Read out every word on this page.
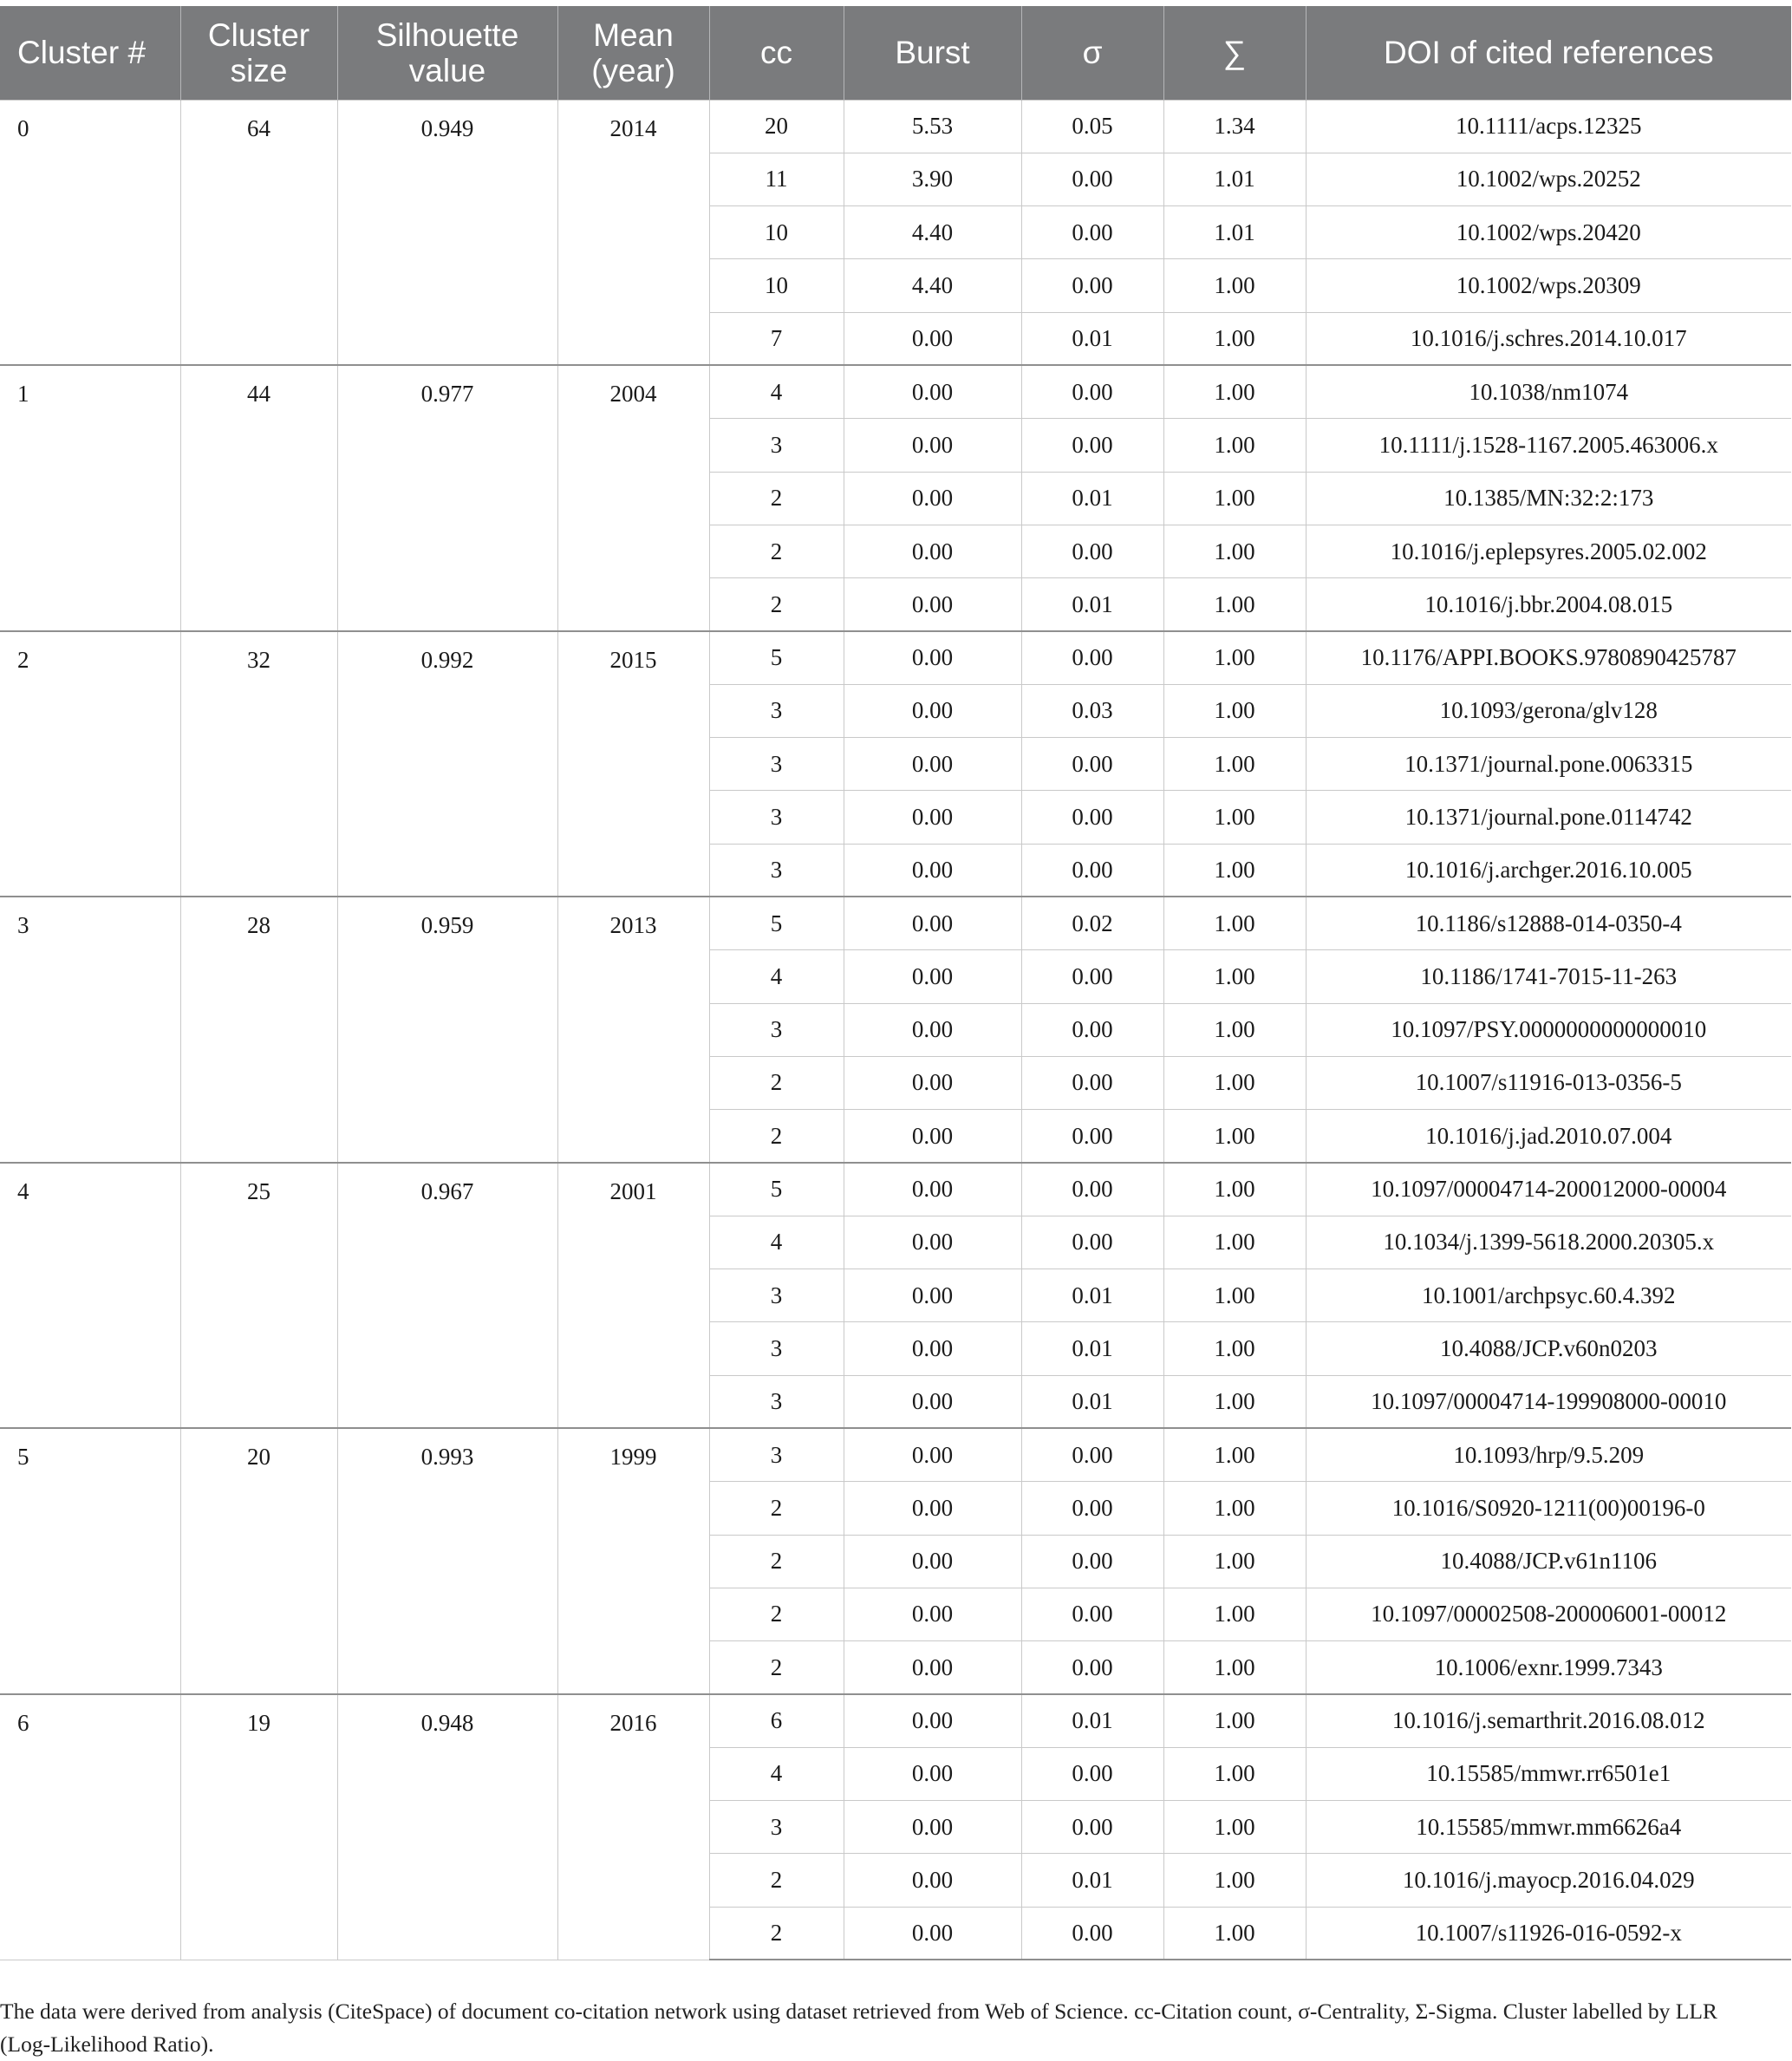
Cluster #	Cluster size	Silhouette value	Mean (year)	cc	Burst	σ	∑	DOI of cited references
0	64	0.949	2014	20	5.53	0.05	1.34	10.1111/acps.12325
				11	3.90	0.00	1.01	10.1002/wps.20252
				10	4.40	0.00	1.01	10.1002/wps.20420
				10	4.40	0.00	1.00	10.1002/wps.20309
				7	0.00	0.01	1.00	10.1016/j.schres.2014.10.017
1	44	0.977	2004	4	0.00	0.00	1.00	10.1038/nm1074
				3	0.00	0.00	1.00	10.1111/j.1528-1167.2005.463006.x
				2	0.00	0.01	1.00	10.1385/MN:32:2:173
				2	0.00	0.00	1.00	10.1016/j.eplepsyres.2005.02.002
				2	0.00	0.01	1.00	10.1016/j.bbr.2004.08.015
2	32	0.992	2015	5	0.00	0.00	1.00	10.1176/APPI.BOOKS.9780890425787
				3	0.00	0.03	1.00	10.1093/gerona/glv128
				3	0.00	0.00	1.00	10.1371/journal.pone.0063315
				3	0.00	0.00	1.00	10.1371/journal.pone.0114742
				3	0.00	0.00	1.00	10.1016/j.archger.2016.10.005
3	28	0.959	2013	5	0.00	0.02	1.00	10.1186/s12888-014-0350-4
				4	0.00	0.00	1.00	10.1186/1741-7015-11-263
				3	0.00	0.00	1.00	10.1097/PSY.0000000000000010
				2	0.00	0.00	1.00	10.1007/s11916-013-0356-5
				2	0.00	0.00	1.00	10.1016/j.jad.2010.07.004
4	25	0.967	2001	5	0.00	0.00	1.00	10.1097/00004714-200012000-00004
				4	0.00	0.00	1.00	10.1034/j.1399-5618.2000.20305.x
				3	0.00	0.01	1.00	10.1001/archpsyc.60.4.392
				3	0.00	0.01	1.00	10.4088/JCP.v60n0203
				3	0.00	0.01	1.00	10.1097/00004714-199908000-00010
5	20	0.993	1999	3	0.00	0.00	1.00	10.1093/hrp/9.5.209
				2	0.00	0.00	1.00	10.1016/S0920-1211(00)00196-0
				2	0.00	0.00	1.00	10.4088/JCP.v61n1106
				2	0.00	0.00	1.00	10.1097/00002508-200006001-00012
				2	0.00	0.00	1.00	10.1006/exnr.1999.7343
6	19	0.948	2016	6	0.00	0.01	1.00	10.1016/j.semarthrit.2016.08.012
				4	0.00	0.00	1.00	10.15585/mmwr.rr6501e1
				3	0.00	0.00	1.00	10.15585/mmwr.mm6626a4
				2	0.00	0.01	1.00	10.1016/j.mayocp.2016.04.029
				2	0.00	0.00	1.00	10.1007/s11926-016-0592-x

The data were derived from analysis (CiteSpace) of document co-citation network using dataset retrieved from Web of Science. cc-Citation count, σ-Centrality, Σ-Sigma. Cluster labelled by LLR (Log-Likelihood Ratio).
